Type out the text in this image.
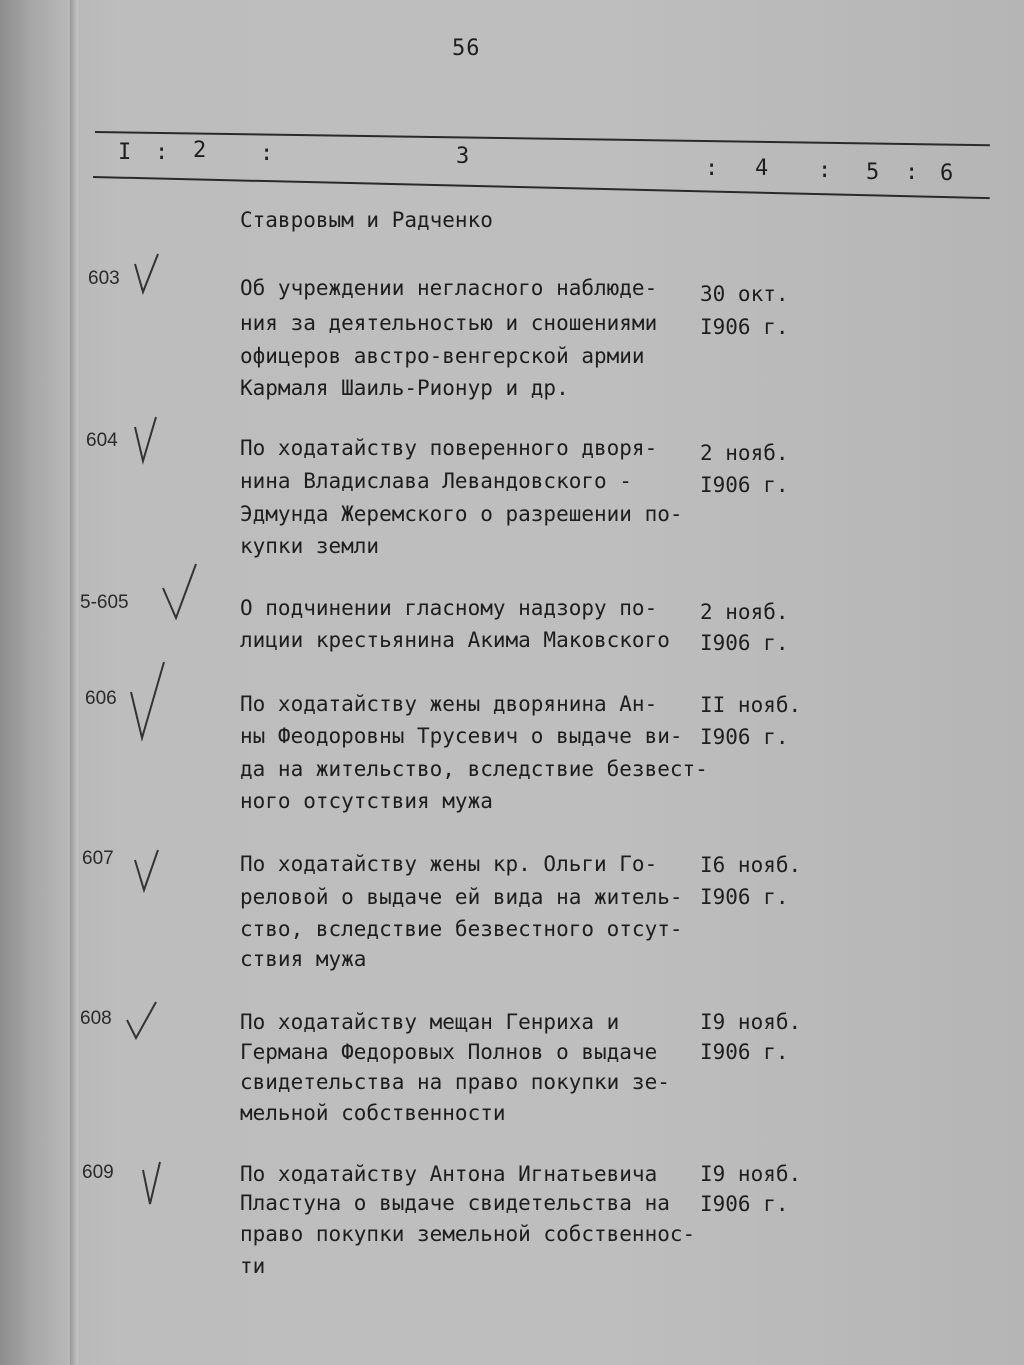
56
I : 2 :	3	: 4 : 5 : 6
Ставровым и Радченко
603	Об учреждении негласного наблюде-
ния за деятельностью и сношениями
офицеров австро-венгерской армии
Кармаля Шаиль-Рионур и др.
30 окт.
I906 г.
604	По ходатайству поверенного дворя-
нина Владислава Левандовского -
Эдмунда Жеремского о разрешении по-
купки земли
2 нояб.
I906 г.
5-605	О подчинении гласному надзору по-
лиции крестьянина Акима Маковского
2 нояб.
I906 г.
606	По ходатайству жены дворянина Ан-
ны Феодоровны Трусевич о выдаче ви-
да на жительство, вследствие безвест-
ного отсутствия мужа
II нояб.
I906 г.
607	По ходатайству жены кр. Ольги Го-
реловой о выдаче ей вида на житель-
ство, вследствие безвестного отсут-
ствия мужа
I6 нояб.
I906 г.
608	По ходатайству мещан Генриха и
Германа Федоровых Полнов о выдаче
свидетельства на право покупки зе-
мельной собственности
I9 нояб.
I906 г.
609	По ходатайству Антона Игнатьевича
Пластуна о выдаче свидетельства на
право покупки земельной собственнос-
ти
I9 нояб.
I906 г.
